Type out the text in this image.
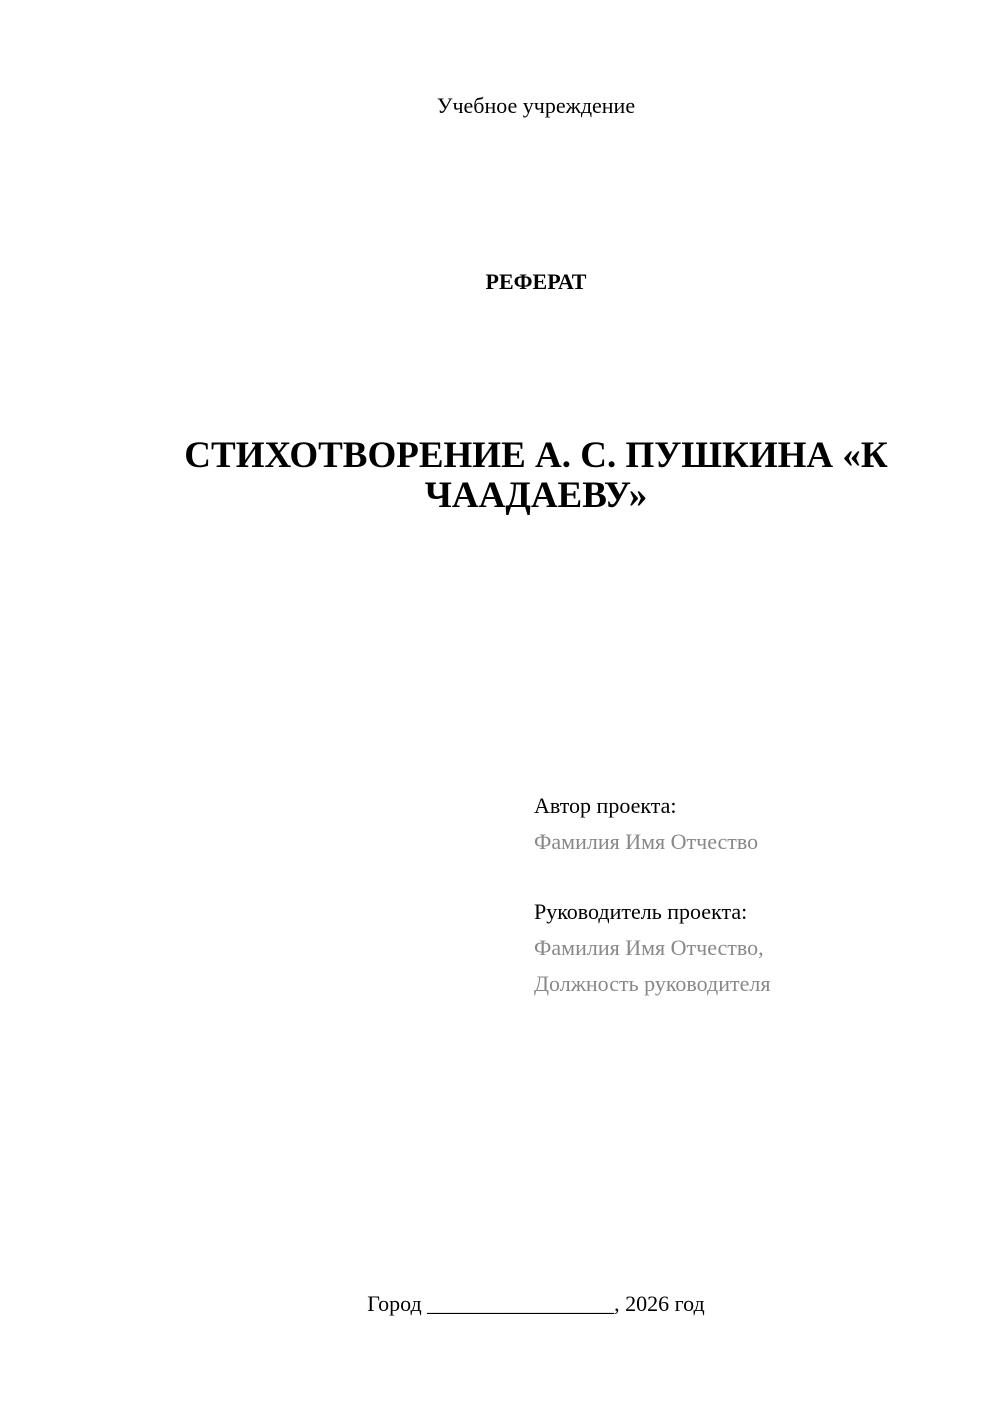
Учебное учреждение
РЕФЕРАТ
СТИХОТВОРЕНИЕ А. С. ПУШКИНА «К
ЧААДАЕВУ»
Автор проекта:
Фамилия Имя Отчество
Руководитель проекта:
Фамилия Имя Отчество,
Должность руководителя
Город _________________, 2026 год
